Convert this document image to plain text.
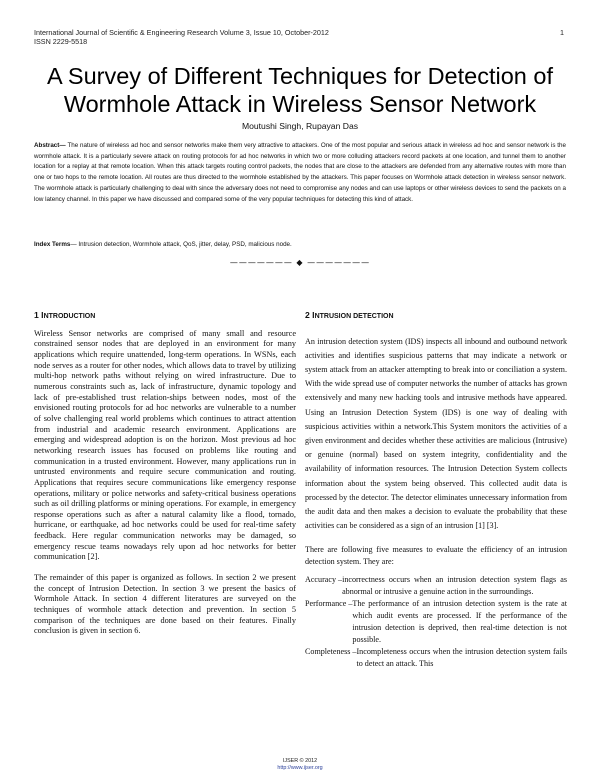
International Journal of Scientific & Engineering Research Volume 3, Issue 10, October-2012	1
ISSN 2229-5518
A Survey of Different Techniques for Detection of
Wormhole Attack in Wireless Sensor Network
Moutushi Singh, Rupayan Das
Abstract— The nature of wireless ad hoc and sensor networks make them very attractive to attackers. One of the most popular and serious attack in wireless ad hoc and sensor network is the wormhole attack. It is a particularly severe attack on routing protocols for ad hoc networks in which two or more colluding attackers record packets at one location, and tunnel them to another location for a replay at that remote location. When this attack targets routing control packets, the nodes that are close to the attackers are defended from any alternative routes with more than one or two hops to the remote location. All routes are thus directed to the wormhole established by the attackers. This paper focuses on Wormhole attack detection in wireless sensor network. The wormhole attack is particularly challenging to deal with since the adversary does not need to compromise any nodes and can use laptops or other wireless devices to send the packets on a low latency channel. In this paper we have discussed and compared some of the very popular techniques for detecting this kind of attack.
Index Terms— Intrusion detection, Wormhole attack, QoS, jitter, delay, PSD, malicious node.
——————— ◆ ———————
1 INTRODUCTION

Wireless Sensor networks are comprised of many small and resource constrained sensor nodes that are deployed in an environment for many applications which require unattended, long-term operations. In WSNs, each node serves as a router for other nodes, which allows data to travel by utilizing multi-hop network paths without relying on wired infrastructure. Due to numerous constraints such as, lack of infrastructure, dynamic topology and lack of pre-established trust relation-ships between nodes, most of the envisioned routing protocols for ad hoc networks are vulnerable to a number of solve challenging real world problems which continues to attract attention from industrial and academic research environment. Applications are emerging and widespread adoption is on the horizon. Most previous ad hoc networking research issues has focused on problems like routing and communication in a trusted environment. However, many applications run in untrusted environments and require secure communication and routing. Applications that requires secure communications like emergency response operations, military or police networks and safety-critical business operations such as oil drilling platforms or mining operations. For example, in emergency response operations such as after a natural calamity like a flood, tornado, hurricane, or earthquake, ad hoc networks could be used for real-time safety feedback. Here regular communication networks may be damaged, so emergency rescue teams nowadays rely upon ad hoc networks for better communication [2].

The remainder of this paper is organized as follows. In section 2 we present the concept of Intrusion Detection. In section 3 we present the basics of Wormhole Attack. In section 4 different literatures are surveyed on the techniques of wormhole attack detection and prevention. In section 5 comparison of the techniques are done based on their features. Finally conclusion is given in section 6.

2 INTRUSION DETECTION

An intrusion detection system (IDS) inspects all inbound and outbound network activities and identifies suspicious patterns that may indicate a network or system attack from an attacker attempting to break into or conciliation a system. With the wide spread use of computer networks the number of attacks has grown extensively and many new hacking tools and intrusive methods have appeared. Using an Intrusion Detection System (IDS) is one way of dealing with suspicious activities within a network.This System monitors the activities of a given environment and decides whether these activities are malicious (Intrusive) or genuine (normal) based on system integrity, confidentiality and the availability of information resources. The Intrusion Detection System collects information about the system being observed. This collected audit data is processed by the detector. The detector eliminates unnecessary information from the audit data and then makes a decision to evaluate the probability that these activities can be considered as a sign of an intrusion [1] [3].

There are following five measures to evaluate the efficiency of an intrusion detection system. They are:

Accuracy – incorrectness occurs when an intrusion detection system flags as abnormal or intrusive a genuine action in the surroundings.
Performance – The performance of an intrusion detection system is the rate at which audit events are processed. If the performance of the intrusion detection is deprived, then real-time detection is not possible.
Completeness – Incompleteness occurs when the intrusion detection system fails to detect an attack. This
IJSER © 2012
http://www.ijser.org
